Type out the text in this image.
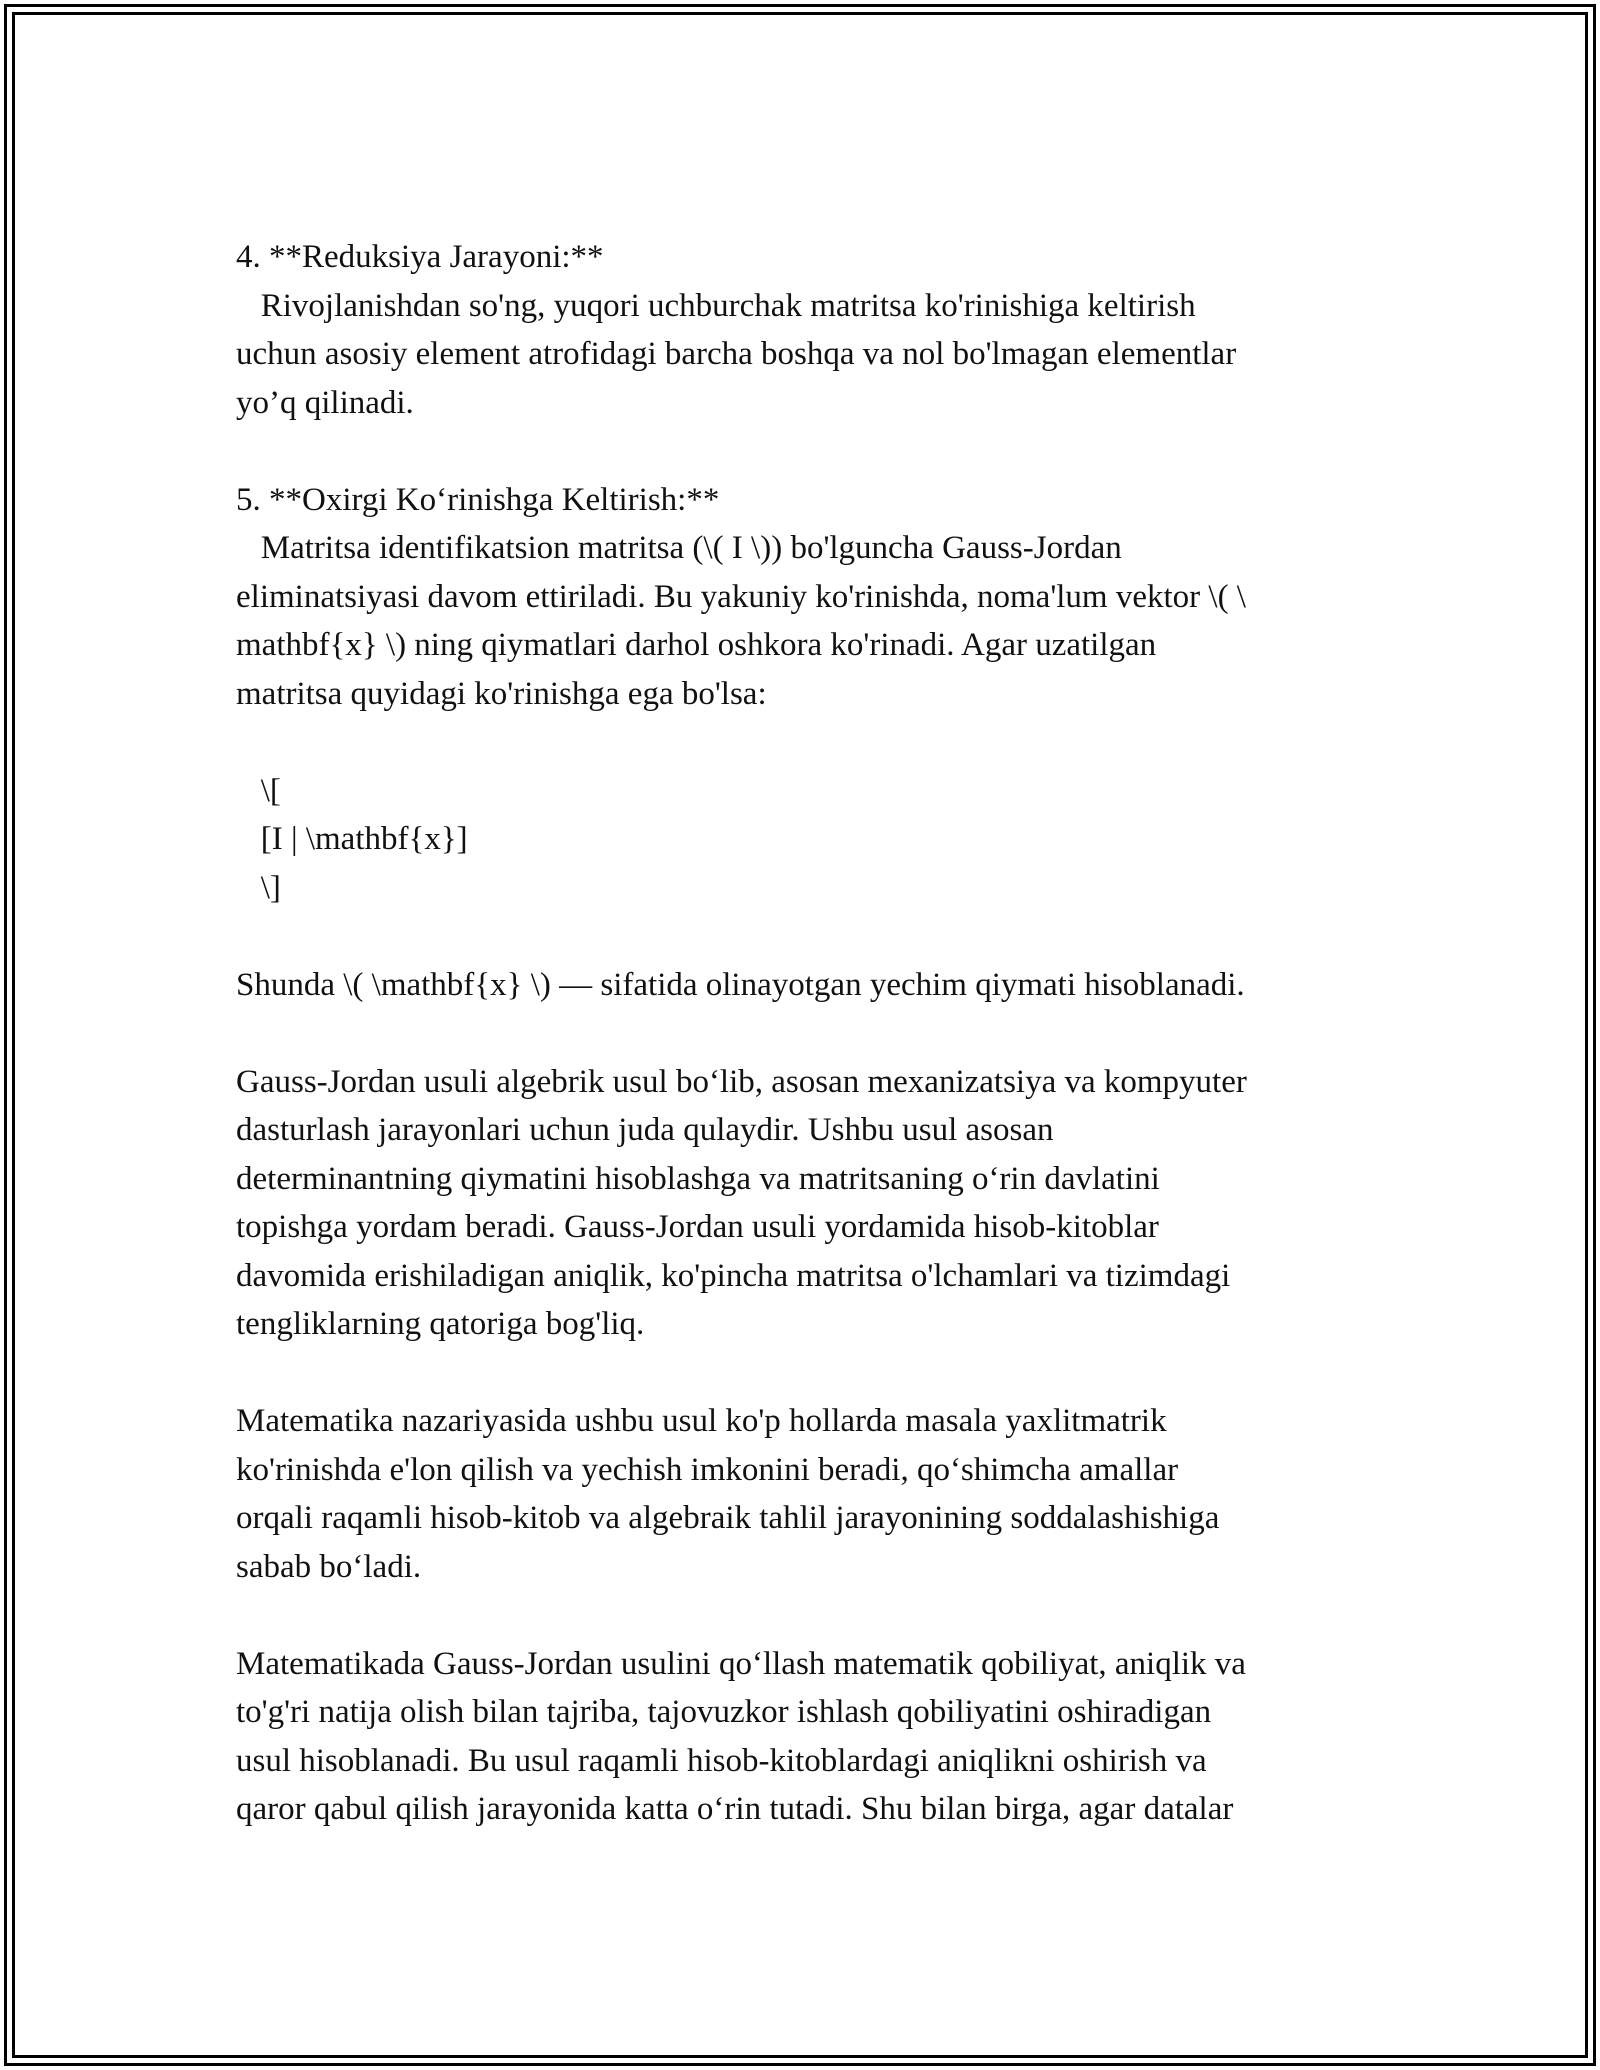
4. **Reduksiya Jarayoni:**

Rivojlanishdan so'ng, yuqori uchburchak matritsa ko'rinishiga keltirish

uchun asosiy element atrofidagi barcha boshqa va nol bo'lmagan elementlar

yo’q qilinadi.

5. **Oxirgi Ko‘rinishga Keltirish:**

Matritsa identifikatsion matritsa (\( I \)) bo'lguncha Gauss-Jordan

eliminatsiyasi davom ettiriladi. Bu yakuniy ko'rinishda, noma'lum vektor \( \

mathbf{x} \) ning qiymatlari darhol oshkora ko'rinadi. Agar uzatilgan

matritsa quyidagi ko'rinishga ega bo'lsa:

\[

[I | \mathbf{x}]

\]

Shunda \( \mathbf{x} \) — sifatida olinayotgan yechim qiymati hisoblanadi.

Gauss-Jordan usuli algebrik usul bo‘lib, asosan mexanizatsiya va kompyuter

dasturlash jarayonlari uchun juda qulaydir. Ushbu usul asosan

determinantning qiymatini hisoblashga va matritsaning o‘rin davlatini

topishga yordam beradi. Gauss-Jordan usuli yordamida hisob-kitoblar

davomida erishiladigan aniqlik, ko'pincha matritsa o'lchamlari va tizimdagi

tengliklarning qatoriga bog'liq.

Matematika nazariyasida ushbu usul ko'p hollarda masala yaxlitmatrik

ko'rinishda e'lon qilish va yechish imkonini beradi, qo‘shimcha amallar

orqali raqamli hisob-kitob va algebraik tahlil jarayonining soddalashishiga

sabab bo‘ladi.

Matematikada Gauss-Jordan usulini qo‘llash matematik qobiliyat, aniqlik va

to'g'ri natija olish bilan tajriba, tajovuzkor ishlash qobiliyatini oshiradigan

usul hisoblanadi. Bu usul raqamli hisob-kitoblardagi aniqlikni oshirish va

qaror qabul qilish jarayonida katta o‘rin tutadi. Shu bilan birga, agar datalar
